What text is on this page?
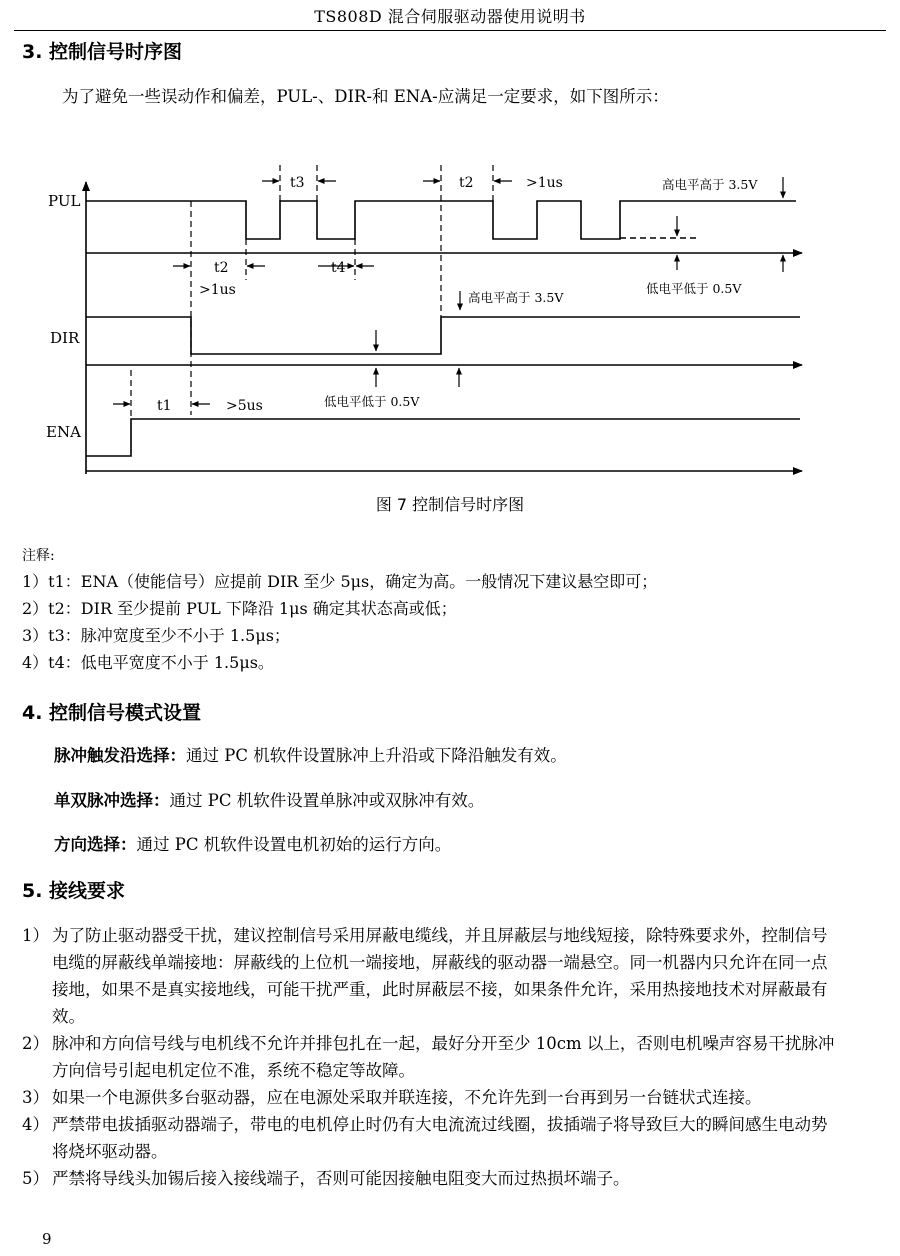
TS808D 混合伺服驱动器使用说明书
3. 控制信号时序图
为了避免一些误动作和偏差，PUL-、DIR-和 ENA-应满足一定要求，如下图所示：
PUL
DIR
ENA
t3	t2	>1us
t2
>1us
t4
t1	>5us
高电平高于 3.5V
低电平低于 0.5V
高电平高于 3.5V
低电平低于 0.5V
图 7 控制信号时序图
注释:
1）t1：ENA（使能信号）应提前 DIR 至少 5μs，确定为高。一般情况下建议悬空即可；
2）t2：DIR 至少提前 PUL 下降沿 1μs 确定其状态高或低；
3）t3：脉冲宽度至少不小于 1.5μs；
4）t4：低电平宽度不小于 1.5μs。
4. 控制信号模式设置
脉冲触发沿选择：通过 PC 机软件设置脉冲上升沿或下降沿触发有效。
单双脉冲选择：通过 PC 机软件设置单脉冲或双脉冲有效。
方向选择：通过 PC 机软件设置电机初始的运行方向。
5. 接线要求
1） 为了防止驱动器受干扰，建议控制信号采用屏蔽电缆线，并且屏蔽层与地线短接，除特殊要求外，控制信号电缆的屏蔽线单端接地：屏蔽线的上位机一端接地，屏蔽线的驱动器一端悬空。同一机器内只允许在同一点接地，如果不是真实接地线，可能干扰严重，此时屏蔽层不接，如果条件允许，采用热接地技术对屏蔽最有效。
2） 脉冲和方向信号线与电机线不允许并排包扎在一起，最好分开至少 10cm 以上，否则电机噪声容易干扰脉冲方向信号引起电机定位不准，系统不稳定等故障。
3） 如果一个电源供多台驱动器，应在电源处采取并联连接，不允许先到一台再到另一台链状式连接。
4） 严禁带电拔插驱动器端子，带电的电机停止时仍有大电流流过线圈，拔插端子将导致巨大的瞬间感生电动势将烧坏驱动器。
5） 严禁将导线头加锡后接入接线端子，否则可能因接触电阻变大而过热损坏端子。
9
